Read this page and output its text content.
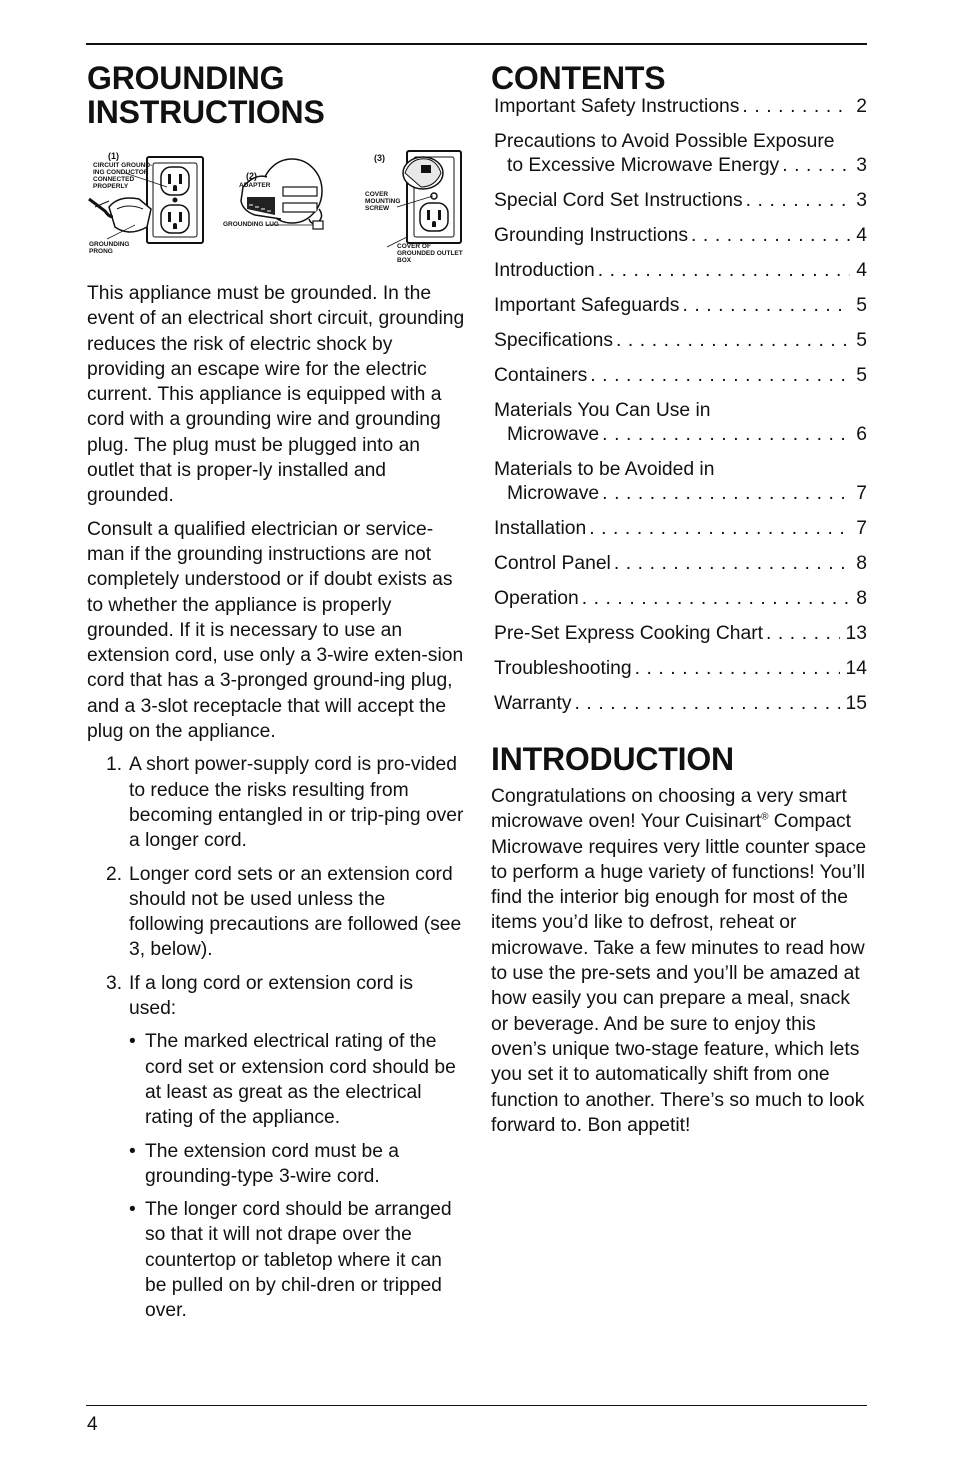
GROUNDING
INSTRUCTIONS
(1)
CIRCUIT GROUND-ING CONDUCTOR CONNECTED PROPERLY
GROUNDING PRONG
(2)
ADAPTER
GROUNDING LUG
(3)
COVER MOUNTING SCREW
COVER OF GROUNDED OUTLET BOX

This appliance must be grounded. In the event of an electrical short circuit, grounding reduces the risk of electric shock by providing an escape wire for the electric current. This appliance is equipped with a cord with a grounding wire and grounding plug. The plug must be plugged into an outlet that is proper-ly installed and grounded.

Consult a qualified electrician or service-man if the grounding instructions are not completely understood or if doubt exists as to whether the appliance is properly grounded. If it is necessary to use an extension cord, use only a 3-wire exten-sion cord that has a 3-pronged ground-ing plug, and a 3-slot receptacle that will accept the plug on the appliance.

1. A short power-supply cord is pro-vided to reduce the risks resulting from becoming entangled in or trip-ping over a longer cord.
2. Longer cord sets or an extension cord should not be used unless the following precautions are followed (see 3, below).
3. If a long cord or extension cord is used:
• The marked electrical rating of the cord set or extension cord should be at least as great as the electrical rating of the appliance.
• The extension cord must be a grounding-type 3-wire cord.
• The longer cord should be arranged so that it will not drape over the countertop or tabletop where it can be pulled on by chil-dren or tripped over.
CONTENTS
Important Safety Instructions . . .	2
Precautions to Avoid Possible Exposure
to Excessive Microwave Energy . . .	3
Special Cord Set Instructions . . .	3
Grounding Instructions . . .	4
Introduction . . .	4
Important Safeguards . . .	5
Specifications . . .	5
Containers . . .	5
Materials You Can Use in
Microwave . . .	6
Materials to be Avoided in
Microwave . . .	7
Installation . . .	7
Control Panel . . .	8
Operation . . .	8
Pre-Set Express Cooking Chart . . .	13
Troubleshooting . . .	14
Warranty . . .	15
INTRODUCTION
Congratulations on choosing a very smart microwave oven! Your Cuisinart® Compact Microwave requires very little counter space to perform a huge variety of functions! You’ll find the interior big enough for most of the items you’d like to defrost, reheat or microwave. Take a few minutes to read how to use the pre-sets and you’ll be amazed at how easily you can prepare a meal, snack or beverage. And be sure to enjoy this oven’s unique two-stage feature, which lets you set it to automatically shift from one function to another. There’s so much to look forward to. Bon appetit!
4
